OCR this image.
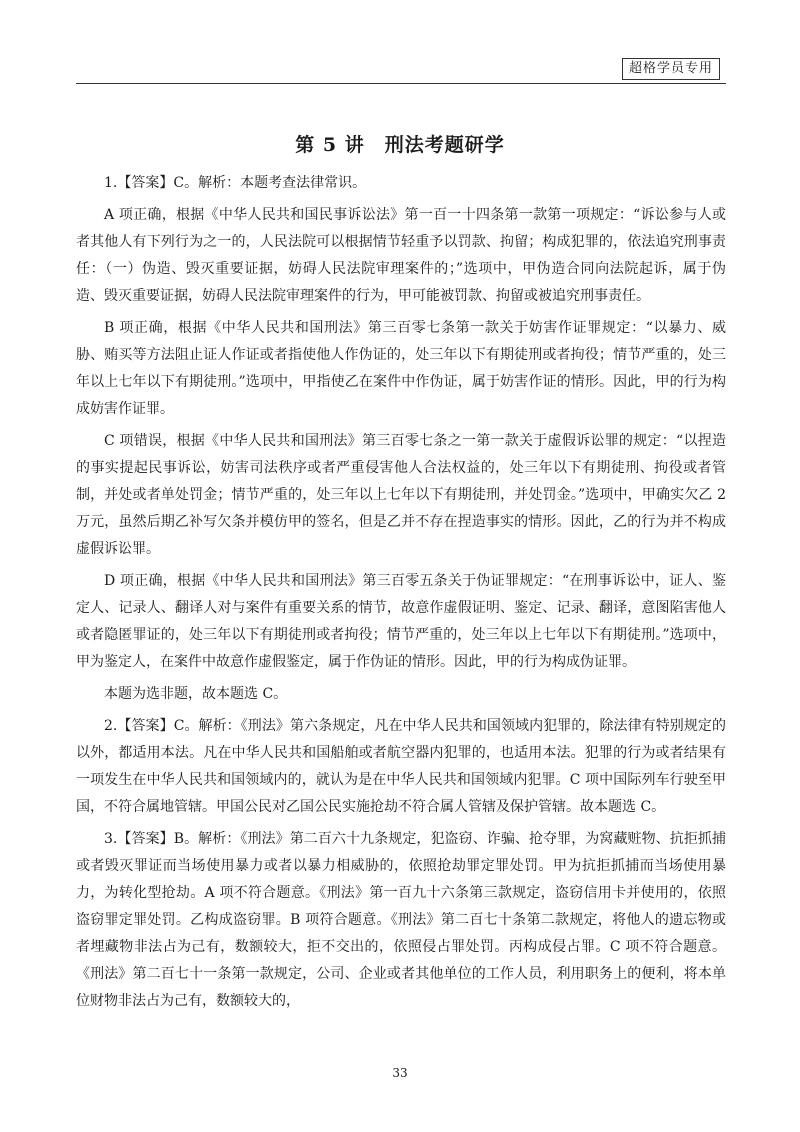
超格学员专用
第 5 讲　刑法考题研学

1.【答案】C。解析：本题考查法律常识。

A 项正确，根据《中华人民共和国民事诉讼法》第一百一十四条第一款第一项规定：“诉讼参与人或者其他人有下列行为之一的，人民法院可以根据情节轻重予以罚款、拘留；构成犯罪的，依法追究刑事责任：（一）伪造、毁灭重要证据，妨碍人民法院审理案件的；”选项中，甲伪造合同向法院起诉，属于伪造、毁灭重要证据，妨碍人民法院审理案件的行为，甲可能被罚款、拘留或被追究刑事责任。

B 项正确，根据《中华人民共和国刑法》第三百零七条第一款关于妨害作证罪规定：“以暴力、威胁、贿买等方法阻止证人作证或者指使他人作伪证的，处三年以下有期徒刑或者拘役；情节严重的，处三年以上七年以下有期徒刑。”选项中，甲指使乙在案件中作伪证，属于妨害作证的情形。因此，甲的行为构成妨害作证罪。

C 项错误，根据《中华人民共和国刑法》第三百零七条之一第一款关于虚假诉讼罪的规定：“以捏造的事实提起民事诉讼，妨害司法秩序或者严重侵害他人合法权益的，处三年以下有期徒刑、拘役或者管制，并处或者单处罚金；情节严重的，处三年以上七年以下有期徒刑，并处罚金。”选项中，甲确实欠乙 2 万元，虽然后期乙补写欠条并模仿甲的签名，但是乙并不存在捏造事实的情形。因此，乙的行为并不构成虚假诉讼罪。

D 项正确，根据《中华人民共和国刑法》第三百零五条关于伪证罪规定：“在刑事诉讼中，证人、鉴定人、记录人、翻译人对与案件有重要关系的情节，故意作虚假证明、鉴定、记录、翻译，意图陷害他人或者隐匿罪证的，处三年以下有期徒刑或者拘役；情节严重的，处三年以上七年以下有期徒刑。”选项中，甲为鉴定人，在案件中故意作虚假鉴定，属于作伪证的情形。因此，甲的行为构成伪证罪。

本题为选非题，故本题选 C。

2.【答案】C。解析：《刑法》第六条规定，凡在中华人民共和国领域内犯罪的，除法律有特别规定的以外，都适用本法。凡在中华人民共和国船舶或者航空器内犯罪的，也适用本法。犯罪的行为或者结果有一项发生在中华人民共和国领域内的，就认为是在中华人民共和国领域内犯罪。C 项中国际列车行驶至甲国，不符合属地管辖。甲国公民对乙国公民实施抢劫不符合属人管辖及保护管辖。故本题选 C。

3.【答案】B。解析：《刑法》第二百六十九条规定，犯盗窃、诈骗、抢夺罪，为窝藏赃物、抗拒抓捕或者毁灭罪证而当场使用暴力或者以暴力相威胁的，依照抢劫罪定罪处罚。甲为抗拒抓捕而当场使用暴力，为转化型抢劫。A 项不符合题意。《刑法》第一百九十六条第三款规定，盗窃信用卡并使用的，依照盗窃罪定罪处罚。乙构成盗窃罪。B 项符合题意。《刑法》第二百七十条第二款规定，将他人的遗忘物或者埋藏物非法占为己有，数额较大，拒不交出的，依照侵占罪处罚。丙构成侵占罪。C 项不符合题意。《刑法》第二百七十一条第一款规定，公司、企业或者其他单位的工作人员，利用职务上的便利，将本单位财物非法占为己有，数额较大的，

33
